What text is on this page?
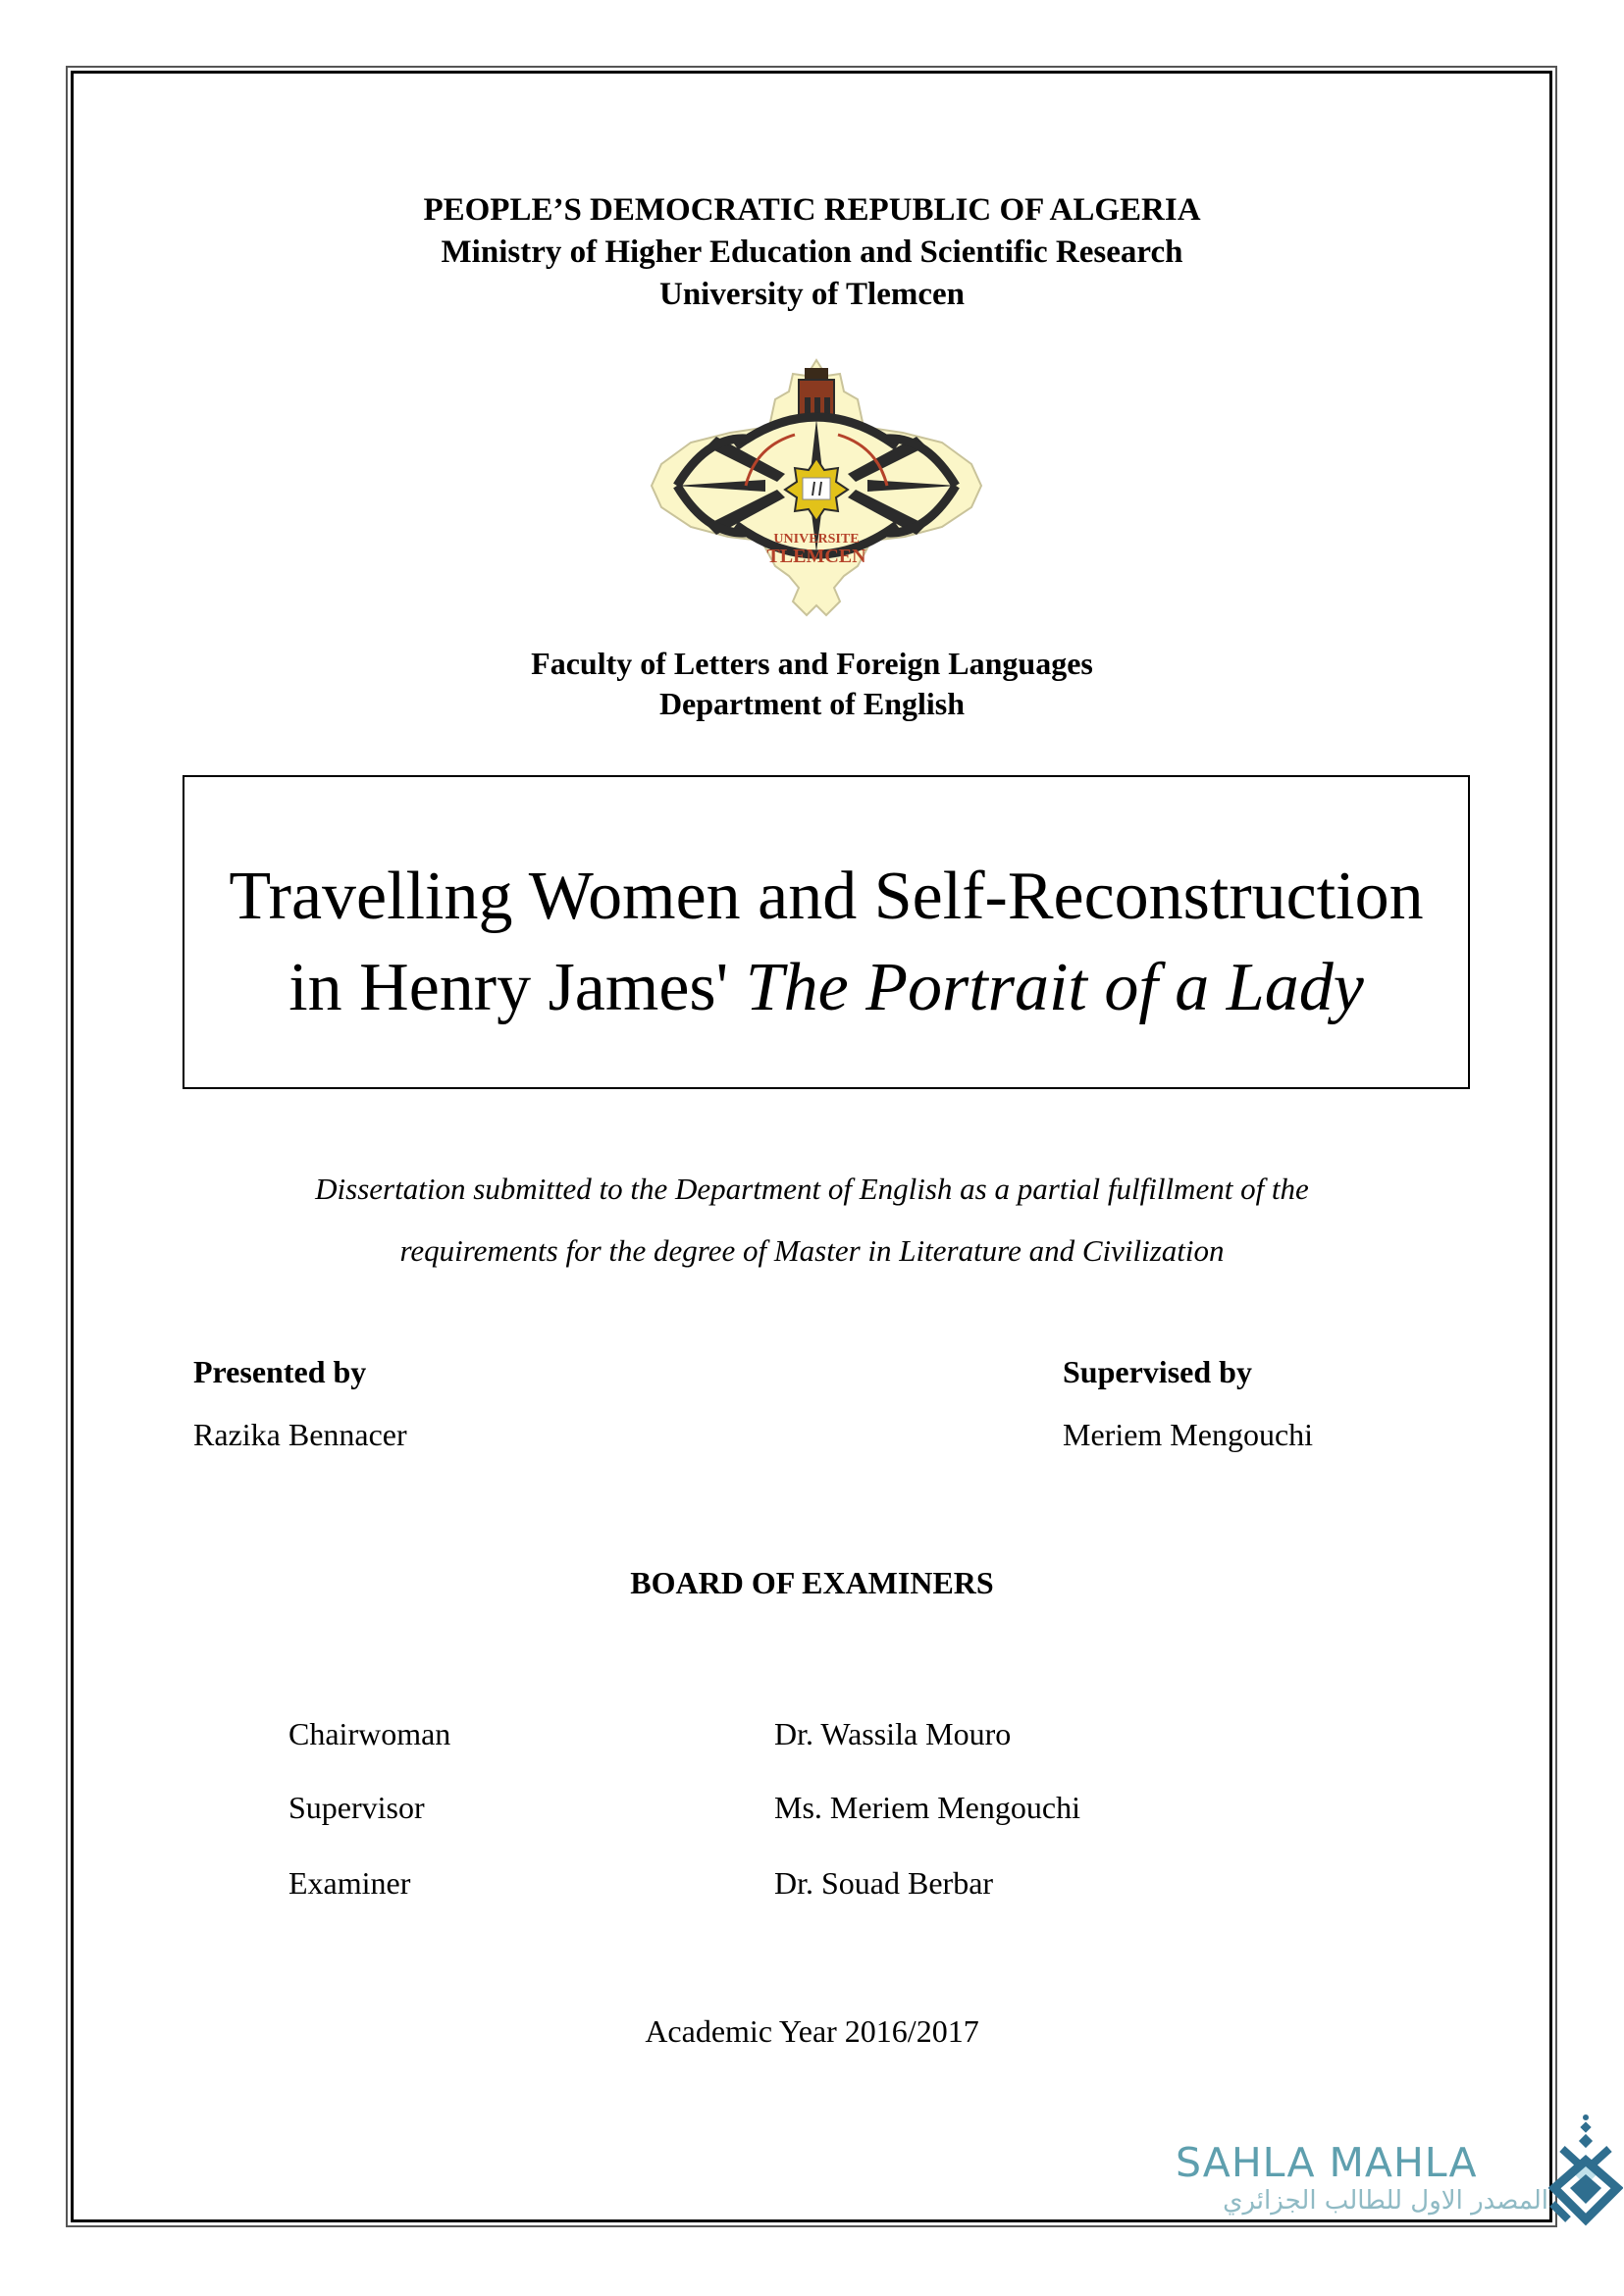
PEOPLE’S DEMOCRATIC REPUBLIC OF ALGERIA
Ministry of Higher Education and Scientific Research
University of Tlemcen
UNIVERSITE
TLEMCEN
Faculty of Letters and Foreign Languages
Department of English
Travelling Women and Self-Reconstruction
in Henry James' The Portrait of a Lady
Dissertation submitted to the Department of English as a partial fulfillment of the
requirements for the degree of Master in Literature and Civilization
Presented by
Razika Bennacer
Supervised by
Meriem Mengouchi
BOARD OF EXAMINERS
Chairwoman	Dr. Wassila Mouro
Supervisor	Ms. Meriem Mengouchi
Examiner	Dr. Souad Berbar
Academic Year 2016/2017
SAHLA MAHLA
المصدر الاول للطالب الجزائري
